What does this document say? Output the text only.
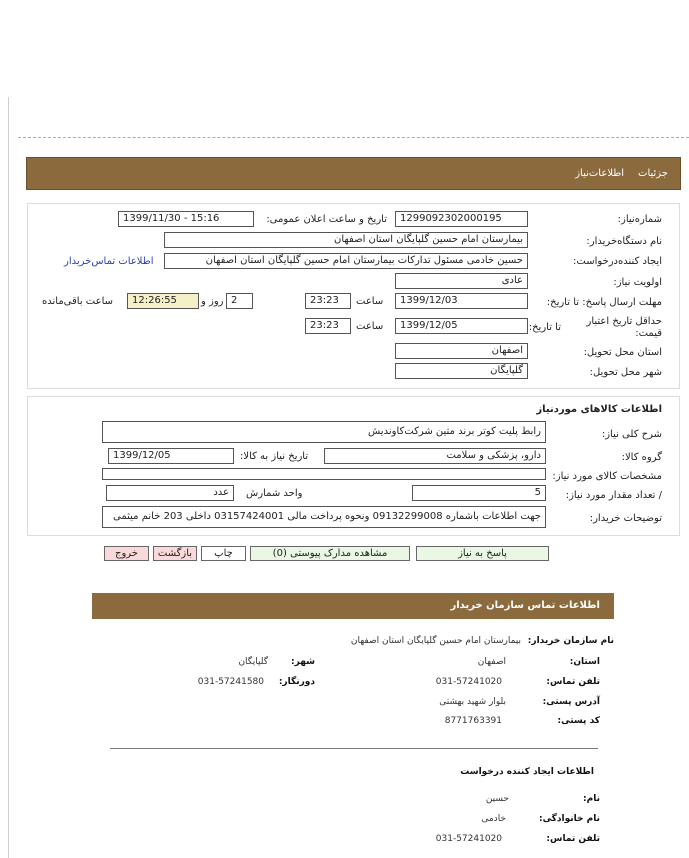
جزئیات
اطلاعات‌نیاز
شماره‌نیاز:
1299092302000195
تاریخ و ساعت اعلان عمومی:
1399/11/30 - 15:16
نام دستگاه‌خریدار:
بیمارستان امام حسین گلپایگان استان اصفهان
ایجاد کننده‌درخواست:
حسین خادمی مسئول تدارکات بیمارستان امام حسین گلپایگان استان اصفهان
اطلاعات تماس‌خریدار
اولویت نیاز:
عادی
مهلت ارسال پاسخ: تا تاریخ:
1399/12/03
ساعت
23:23
2
روز و
12:26:55
ساعت باقی‌مانده
حداقل تاریخ اعتبار قیمت:
تا تاریخ:
1399/12/05
ساعت
23:23
استان محل تحویل:
اصفهان
شهر محل تحویل:
گلپایگان
اطلاعات کالاهای موردنیاز
شرح کلی نیاز:
رابط پلیت کوتر برند متین شرکت‌کاوندیش
گروه کالا:
دارو، پزشکی و سلامت
تاریخ نیاز به کالا:
1399/12/05
مشخصات کالای مورد نیاز:
/ تعداد مقدار مورد نیاز:
5
واحد شمارش
عدد
توضیحات خریدار:
جهت اطلاعات باشماره 09132299008 ونحوه پرداخت مالی 03157424001 داخلی 203 خانم میثمی
پاسخ به نیاز
مشاهده مدارک پیوستی (0)
چاپ
بازگشت
خروج
اطلاعات تماس سازمان خریدار
نام سازمان خریدار:
بیمارستان امام حسین گلپایگان استان اصفهان
استان:
اصفهان
شهر:
گلپایگان
تلفن تماس:
031-57241020
دورنگار:
031-57241580
آدرس پستی:
بلوار شهید بهشتی
کد پستی:
8771763391
اطلاعات ایجاد کننده درخواست
نام:
حسین
نام خانوادگی:
خادمی
تلفن تماس:
031-57241020
